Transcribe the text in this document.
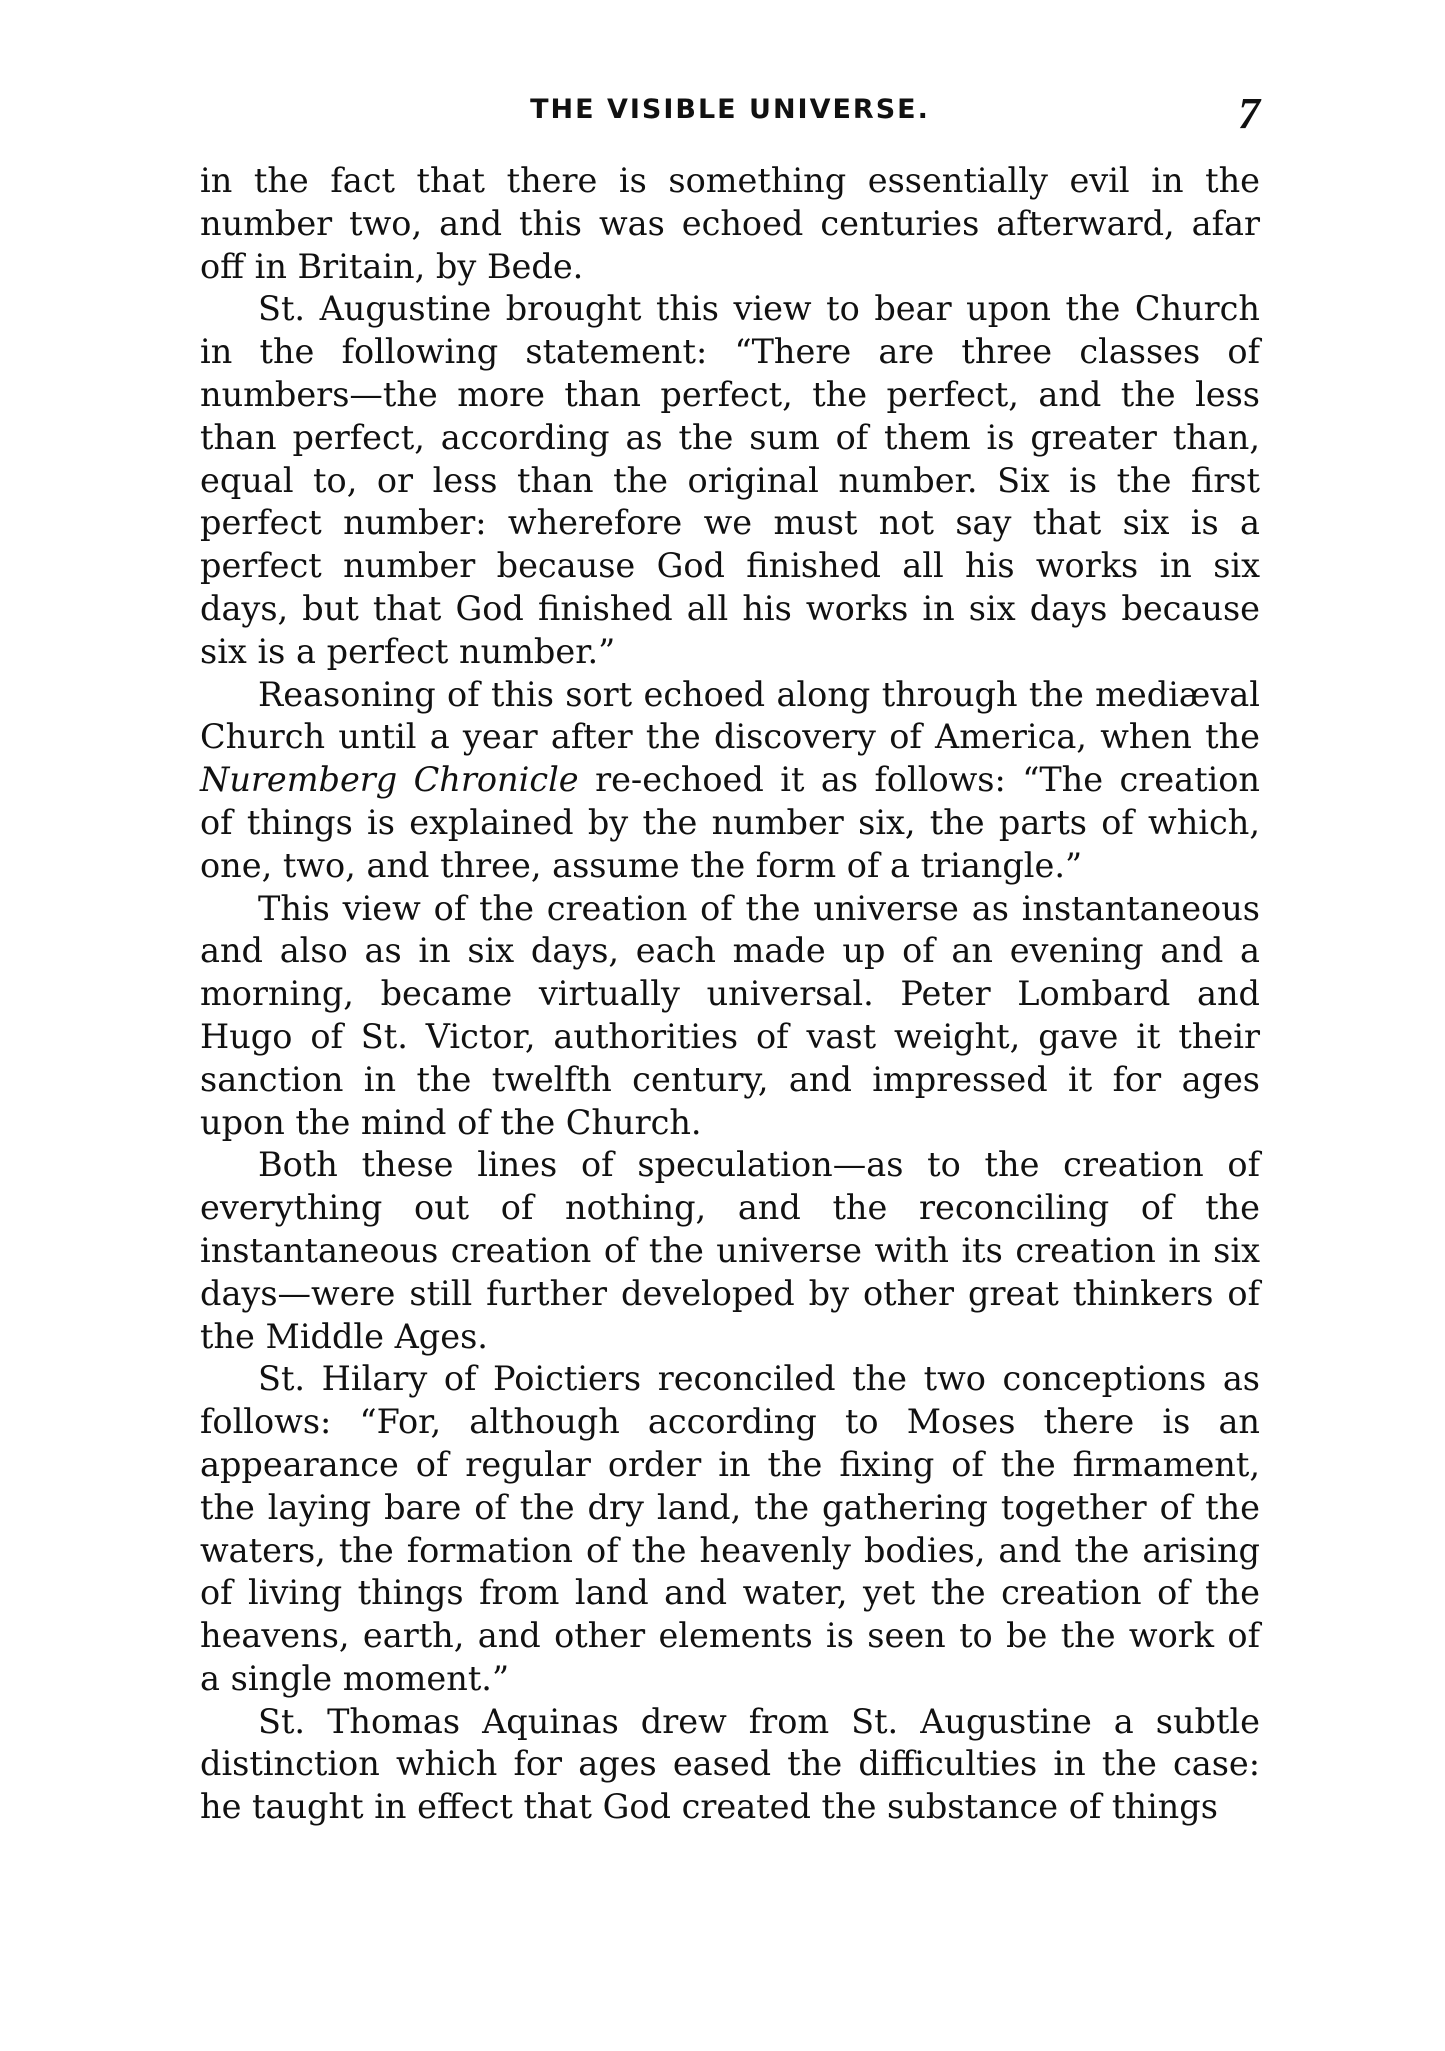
THE VISIBLE UNIVERSE.	7

in the fact that there is something essentially evil in the number two, and this was echoed centuries afterward, afar off in Britain, by Bede.

St. Augustine brought this view to bear upon the Church in the following statement: “There are three classes of numbers—the more than perfect, the perfect, and the less than perfect, according as the sum of them is greater than, equal to, or less than the original number. Six is the first perfect number: wherefore we must not say that six is a perfect number because God finished all his works in six days, but that God finished all his works in six days because six is a perfect number.”

Reasoning of this sort echoed along through the mediæval Church until a year after the discovery of America, when the Nuremberg Chronicle re-echoed it as follows: “The creation of things is explained by the number six, the parts of which, one, two, and three, assume the form of a triangle.”

This view of the creation of the universe as instantaneous and also as in six days, each made up of an evening and a morning, became virtually universal. Peter Lombard and Hugo of St. Victor, authorities of vast weight, gave it their sanction in the twelfth century, and impressed it for ages upon the mind of the Church.

Both these lines of speculation—as to the creation of everything out of nothing, and the reconciling of the instantaneous creation of the universe with its creation in six days—were still further developed by other great thinkers of the Middle Ages.

St. Hilary of Poictiers reconciled the two conceptions as follows: “For, although according to Moses there is an appearance of regular order in the fixing of the firmament, the laying bare of the dry land, the gathering together of the waters, the formation of the heavenly bodies, and the arising of living things from land and water, yet the creation of the heavens, earth, and other elements is seen to be the work of a single moment.”

St. Thomas Aquinas drew from St. Augustine a subtle distinction which for ages eased the difficulties in the case: he taught in effect that God created the substance of things
